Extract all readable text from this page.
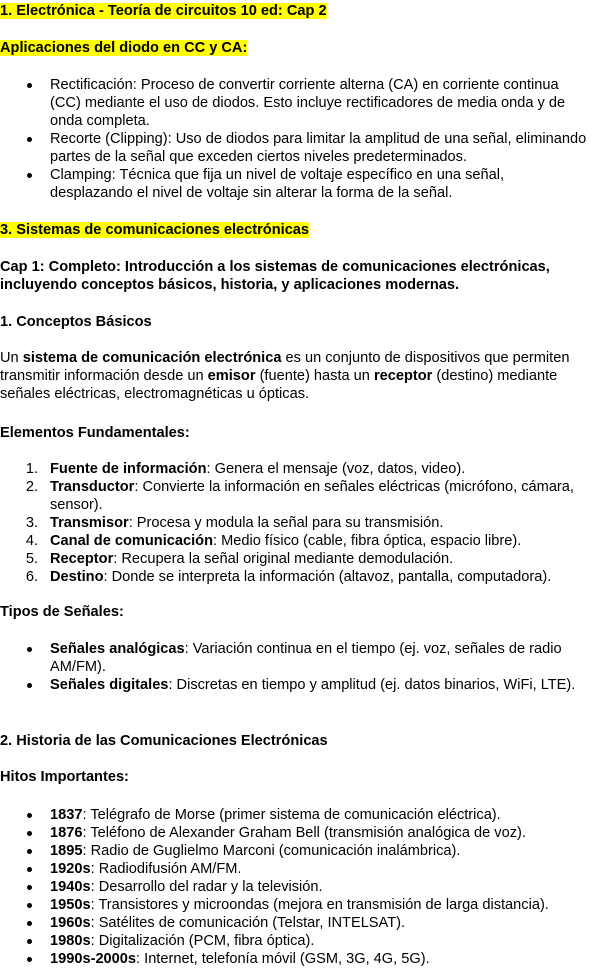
1. Electrónica - Teoría de circuitos 10 ed: Cap 2
Aplicaciones del diodo en CC y CA:
• Rectificación: Proceso de convertir corriente alterna (CA) en corriente continua (CC) mediante el uso de diodos. Esto incluye rectificadores de media onda y de onda completa.
• Recorte (Clipping): Uso de diodos para limitar la amplitud de una señal, eliminando partes de la señal que exceden ciertos niveles predeterminados.
• Clamping: Técnica que fija un nivel de voltaje específico en una señal, desplazando el nivel de voltaje sin alterar la forma de la señal.
3. Sistemas de comunicaciones electrónicas
Cap 1: Completo: Introducción a los sistemas de comunicaciones electrónicas, incluyendo conceptos básicos, historia, y aplicaciones modernas.
1. Conceptos Básicos
Un sistema de comunicación electrónica es un conjunto de dispositivos que permiten transmitir información desde un emisor (fuente) hasta un receptor (destino) mediante señales eléctricas, electromagnéticas u ópticas.
Elementos Fundamentales:
1. Fuente de información: Genera el mensaje (voz, datos, video).
2. Transductor: Convierte la información en señales eléctricas (micrófono, cámara, sensor).
3. Transmisor: Procesa y modula la señal para su transmisión.
4. Canal de comunicación: Medio físico (cable, fibra óptica, espacio libre).
5. Receptor: Recupera la señal original mediante demodulación.
6. Destino: Donde se interpreta la información (altavoz, pantalla, computadora).
Tipos de Señales:
• Señales analógicas: Variación continua en el tiempo (ej. voz, señales de radio AM/FM).
• Señales digitales: Discretas en tiempo y amplitud (ej. datos binarios, WiFi, LTE).
2. Historia de las Comunicaciones Electrónicas
Hitos Importantes:
• 1837: Telégrafo de Morse (primer sistema de comunicación eléctrica).
• 1876: Teléfono de Alexander Graham Bell (transmisión analógica de voz).
• 1895: Radio de Guglielmo Marconi (comunicación inalámbrica).
• 1920s: Radiodifusión AM/FM.
• 1940s: Desarrollo del radar y la televisión.
• 1950s: Transistores y microondas (mejora en transmisión de larga distancia).
• 1960s: Satélites de comunicación (Telstar, INTELSAT).
• 1980s: Digitalización (PCM, fibra óptica).
• 1990s-2000s: Internet, telefonía móvil (GSM, 3G, 4G, 5G).
